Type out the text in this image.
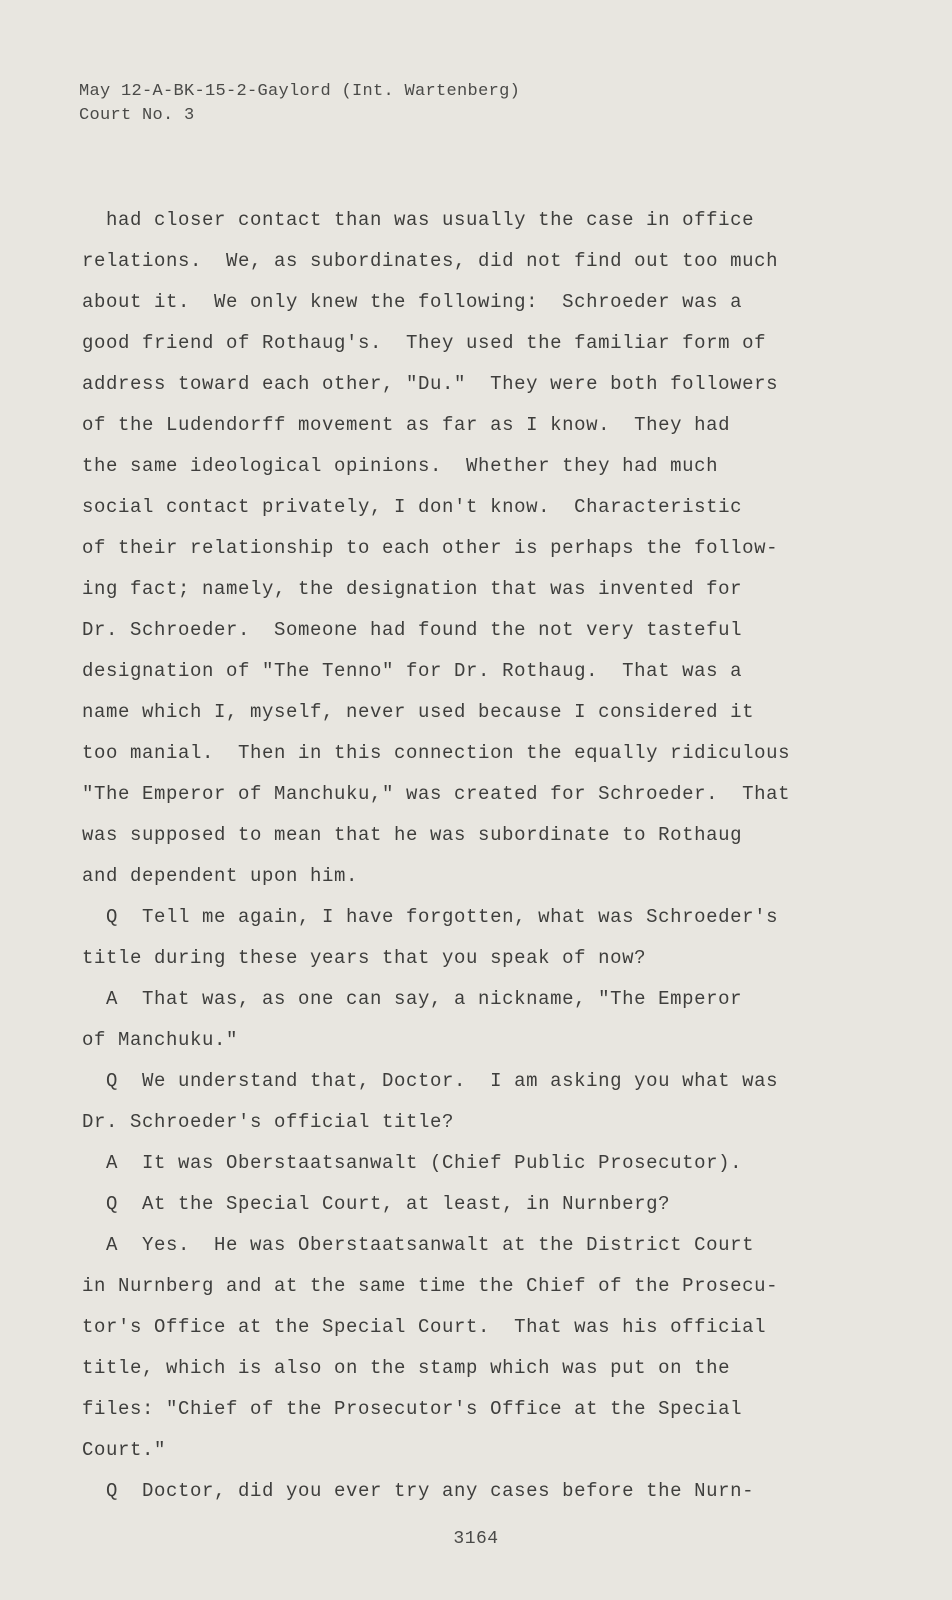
May 12-A-BK-15-2-Gaylord (Int. Wartenberg)
Court No. 3
had closer contact than was usually the case in office
relations.  We, as subordinates, did not find out too much
about it.  We only knew the following:  Schroeder was a
good friend of Rothaug's.  They used the familiar form of
address toward each other, "Du."  They were both followers
of the Ludendorff movement as far as I know.  They had
the same ideological opinions.  Whether they had much
social contact privately, I don't know.  Characteristic
of their relationship to each other is perhaps the follow-
ing fact; namely, the designation that was invented for
Dr. Schroeder.  Someone had found the not very tasteful
designation of "The Tenno" for Dr. Rothaug.  That was a
name which I, myself, never used because I considered it
too manial.  Then in this connection the equally ridiculous
"The Emperor of Manchuku," was created for Schroeder.  That
was supposed to mean that he was subordinate to Rothaug
and dependent upon him.
Q  Tell me again, I have forgotten, what was Schroeder's
title during these years that you speak of now?
A  That was, as one can say, a nickname, "The Emperor
of Manchuku."
Q  We understand that, Doctor.  I am asking you what was
Dr. Schroeder's official title?
A  It was Oberstaatsanwalt (Chief Public Prosecutor).
Q  At the Special Court, at least, in Nurnberg?
A  Yes.  He was Oberstaatsanwalt at the District Court
in Nurnberg and at the same time the Chief of the Prosecu-
tor's Office at the Special Court.  That was his official
title, which is also on the stamp which was put on the
files: "Chief of the Prosecutor's Office at the Special
Court."
Q  Doctor, did you ever try any cases before the Nurn-
3164
